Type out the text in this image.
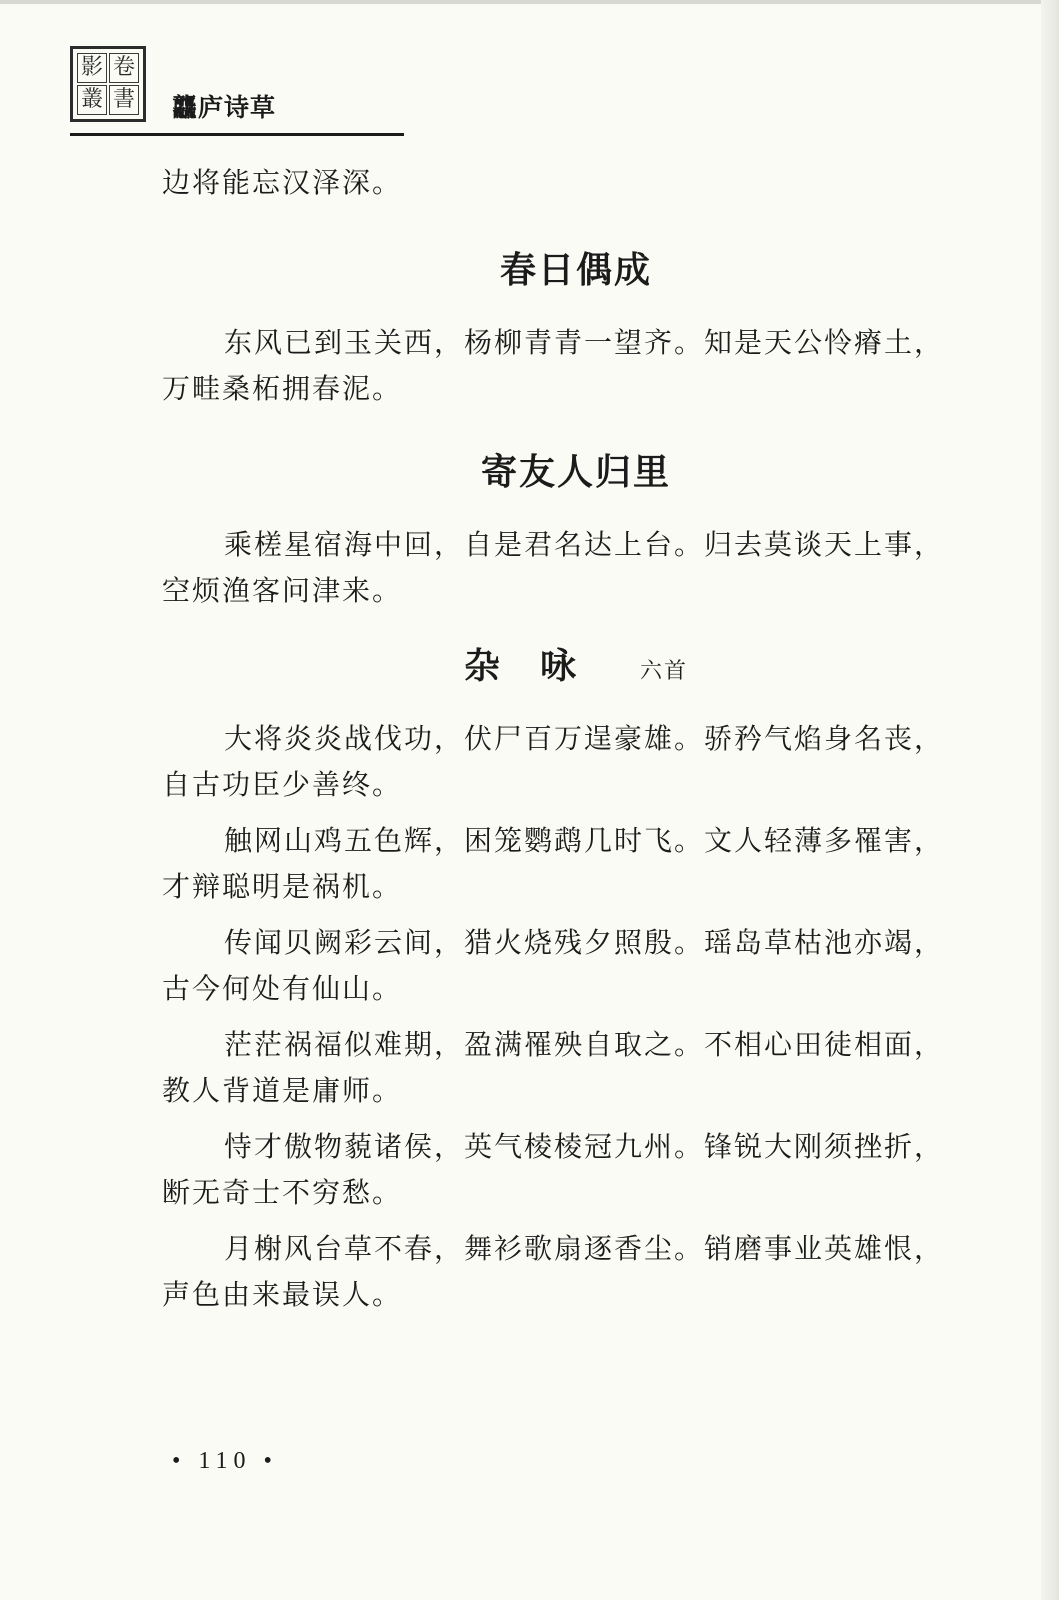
影 卷
叢 書 龘庐诗草

边将能忘汉泽深。

春日偶成

东风已到玉关西，杨柳青青一望齐。知是天公怜瘠土，

万畦桑柘拥春泥。

寄友人归里

乘槎星宿海中回，自是君名达上台。归去莫谈天上事，

空烦渔客问津来。

杂咏 六首

大将炎炎战伐功，伏尸百万逞豪雄。骄矜气焰身名丧，

自古功臣少善终。

触网山鸡五色辉，困笼鹦鹉几时飞。文人轻薄多罹害，

才辩聪明是祸机。

传闻贝阙彩云间，猎火烧残夕照殷。瑶岛草枯池亦竭，

古今何处有仙山。

茫茫祸福似难期，盈满罹殃自取之。不相心田徒相面，

教人背道是庸师。

恃才傲物藐诸侯，英气棱棱冠九州。锋锐大刚须挫折，

断无奇士不穷愁。

月榭风台草不春，舞衫歌扇逐香尘。销磨事业英雄恨，

声色由来最误人。

• 110 •
